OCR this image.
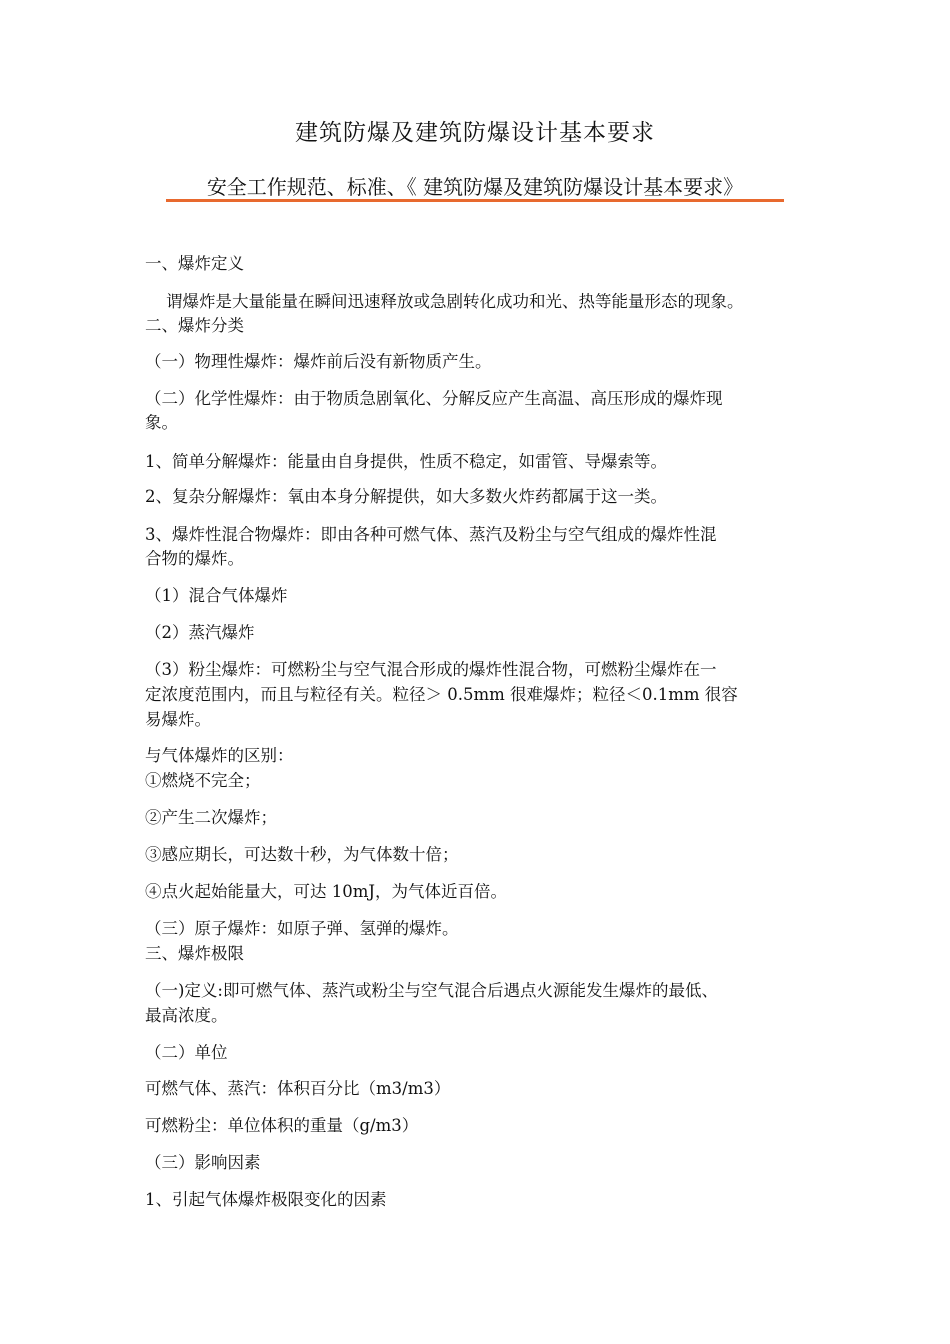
建筑防爆及建筑防爆设计基本要求
安全工作规范、标准、《 建筑防爆及建筑防爆设计基本要求》
一、爆炸定义
谓爆炸是大量能量在瞬间迅速释放或急剧转化成功和光、热等能量形态的现象。
二、爆炸分类
（一）物理性爆炸：爆炸前后没有新物质产生。
（二）化学性爆炸：由于物质急剧氧化、分解反应产生高温、高压形成的爆炸现
象。
1、简单分解爆炸：能量由自身提供，性质不稳定，如雷管、导爆索等。
2、复杂分解爆炸：氧由本身分解提供，如大多数火炸药都属于这一类。
3、爆炸性混合物爆炸：即由各种可燃气体、蒸汽及粉尘与空气组成的爆炸性混
合物的爆炸。
（1）混合气体爆炸
（2）蒸汽爆炸
（3）粉尘爆炸：可燃粉尘与空气混合形成的爆炸性混合物，可燃粉尘爆炸在一
定浓度范围内，而且与粒径有关。粒径＞ 0.5mm 很难爆炸；粒径＜0.1mm 很容
易爆炸。
与气体爆炸的区别：
①燃烧不完全；
②产生二次爆炸；
③感应期长，可达数十秒，为气体数十倍；
④点火起始能量大，可达 10mJ，为气体近百倍。
（三）原子爆炸：如原子弹、氢弹的爆炸。
三、爆炸极限
（一)定义:即可燃气体、蒸汽或粉尘与空气混合后遇点火源能发生爆炸的最低、
最高浓度。
（二）单位
可燃气体、蒸汽：体积百分比（m3/m3）
可燃粉尘：单位体积的重量（g/m3）
（三）影响因素
1、引起气体爆炸极限变化的因素
